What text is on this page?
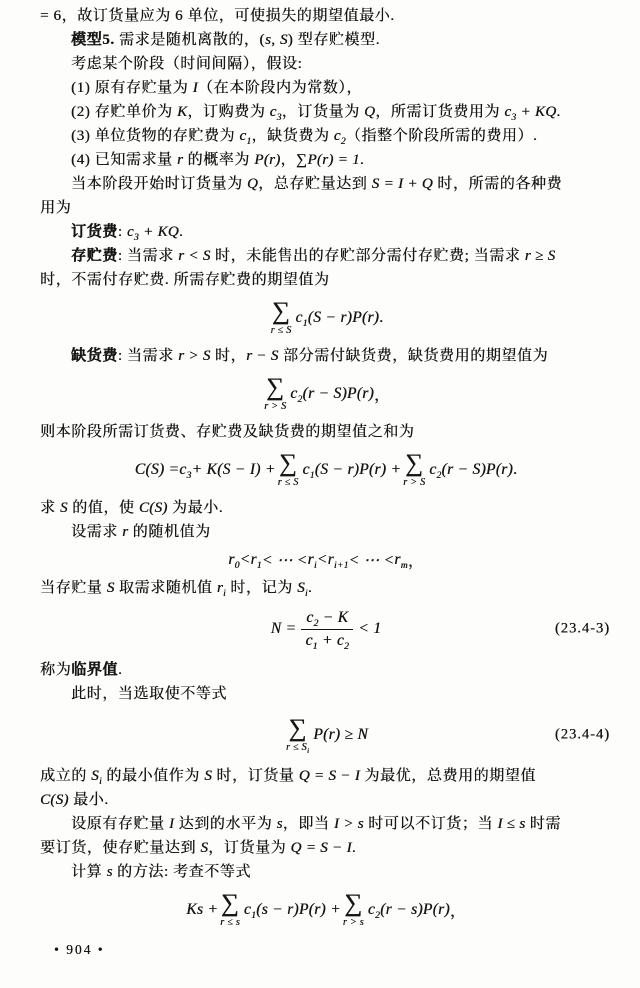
= 6，故订货量应为 6 单位，可使损失的期望值最小.
模型5. 需求是随机离散的，(s, S) 型存贮模型.
考虑某个阶段（时间间隔），假设:
(1) 原有存贮量为 I（在本阶段内为常数），
(2) 存贮单价为 K，订购费为 $c_3$，订货量为 Q，所需订货费用为 $c_3$ + KQ.
(3) 单位货物的存贮费为 $c_1$，缺货费为 $c_2$（指整个阶段所需的费用）.
(4) 已知需求量 r 的概率为 P(r)，∑P(r) = 1.
当本阶段开始时订货量为 Q，总存贮量达到 S = I + Q 时，所需的各种费
用为
订货费: $c_3$ + KQ.
存贮费: 当需求 r < S 时，未能售出的存贮部分需付存贮费; 当需求 r ≥ S
时，不需付存贮费. 所需存贮费的期望值为
∑
r ≤ S
$c_1$ (S − r)P(r) .
缺货费: 当需求 r > S 时，r − S 部分需付缺货费，缺货费用的期望值为
∑
r > S
$c_2$ (r − S)P(r) ，
则本阶段所需订货费、存贮费及缺货费的期望值之和为
$C(S) = c_3 + K(S - I)$ + ∑
r ≤ S
$c_1$ (S − r)P(r) + ∑
r > S
$c_2$ (r − S)P(r) .
求 S 的值，使 C(S) 为最小.
设需求 r 的随机值为
$r_0 < r_1$ < ⋯ < $r_i < r_{i+1}$ < ⋯ < $r_m$ ，
当存贮量 S 取需求随机值 $r_i$ 时，记为 $S_i$.
$N = \frac{c_2 - K}{c_1 + c_2} < 1$	(23.4-3)
称为临界值.
此时，当选取使不等式
∑
$r \le S_i$
P(r) ≥ N	(23.4-4)
成立的 $S_i$ 的最小值作为 S 时，订货量 Q = S − I 为最优，总费用的期望值
C(S) 最小.
设原有存贮量 I 达到的水平为 s，即当 I > s 时可以不订货；当 I ≤ s 时需
要订货，使存贮量达到 S，订货量为 Q = S − I.
计算 s 的方法: 考查不等式
Ks + ∑
r ≤ s
$c_1$ (s − r)P(r) + ∑
r > s
$c_2$ (r − s)P(r) ，
• 904 •
